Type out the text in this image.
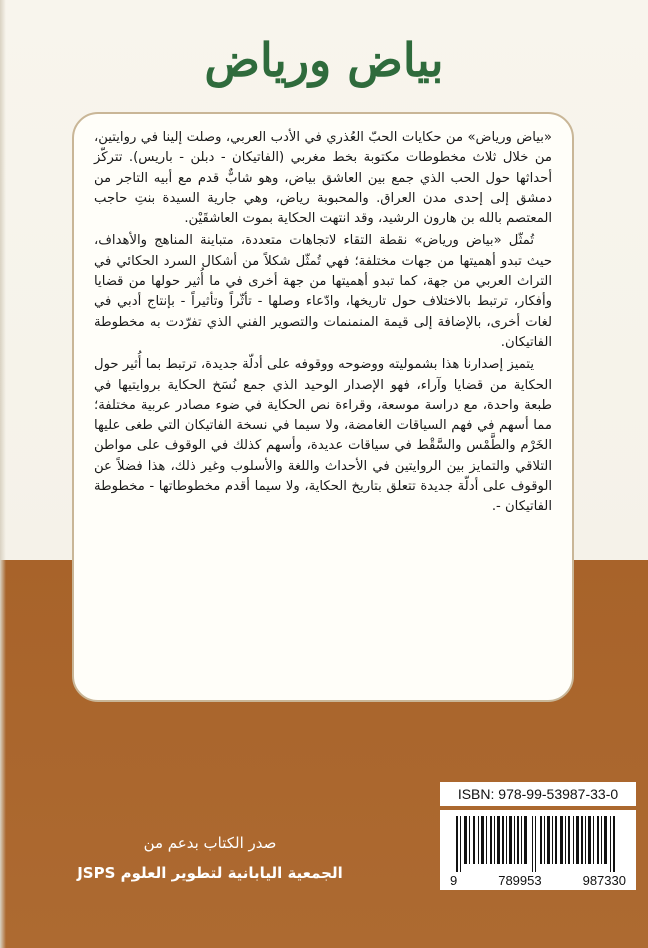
بياض ورياض

«بياض ورياض» من حكايات الحبّ العُذري في الأدب العربي، وصلت إلينا في روايتين، من خلال ثلاث مخطوطات مكتوبة بخط مغربي (الفاتيكان - دبلن - باريس). تتركّز أحداثها حول الحب الذي جمع بين العاشق بياض، وهو شابٌّ قدم مع أبيه التاجر من دمشق إلى إحدى مدن العراق. والمحبوبة رياض، وهي جارية السيدة بنتِ حاجب المعتصم بالله بن هارون الرشيد، وقد انتهت الحكاية بموت العاشقَيْن.

تُمثّل «بياض ورياض» نقطة التقاء لاتجاهات متعددة، متباينة المناهج والأهداف، حيث تبدو أهميتها من جهات مختلفة؛ فهي تُمثّل شكلاً من أشكال السرد الحكائي في التراث العربي من جهة، كما تبدو أهميتها من جهة أخرى في ما أُثير حولها من قضايا وأفكار، ترتبط بالاختلاف حول تاريخها، وادّعاء وصلها - تأثّراً وتأثيراً - بإنتاج أدبي في لغات أخرى، بالإضافة إلى قيمة المنمنمات والتصوير الفني الذي تفرّدت به مخطوطة الفاتيكان.

يتميز إصدارنا هذا بشموليته ووضوحه ووقوفه على أدلّة جديدة، ترتبط بما أُثير حول الحكاية من قضايا وآراء، فهو الإصدار الوحيد الذي جمع نُسَخ الحكاية بروايتيها في طبعة واحدة، مع دراسة موسعة، وقراءة نص الحكاية في ضوء مصادر عربية مختلفة؛ مما أسهم في فهم السياقات الغامضة، ولا سيما في نسخة الفاتيكان التي طغى عليها الخَرْم والطَّمْس والسَّقْط في سياقات عديدة، وأسهم كذلك في الوقوف على مواطن التلاقي والتمايز بين الروايتين في الأحداث واللغة والأسلوب وغير ذلك، هذا فضلاً عن الوقوف على أدلّة جديدة تتعلق بتاريخ الحكاية، ولا سيما أقدم مخطوطاتها - مخطوطة الفاتيكان -.

صدر الكتاب بدعم من
الجمعية اليابانية لتطوير العلوم JSPS
ISBN: 978-99-53987-33-0
9	789953	987330
